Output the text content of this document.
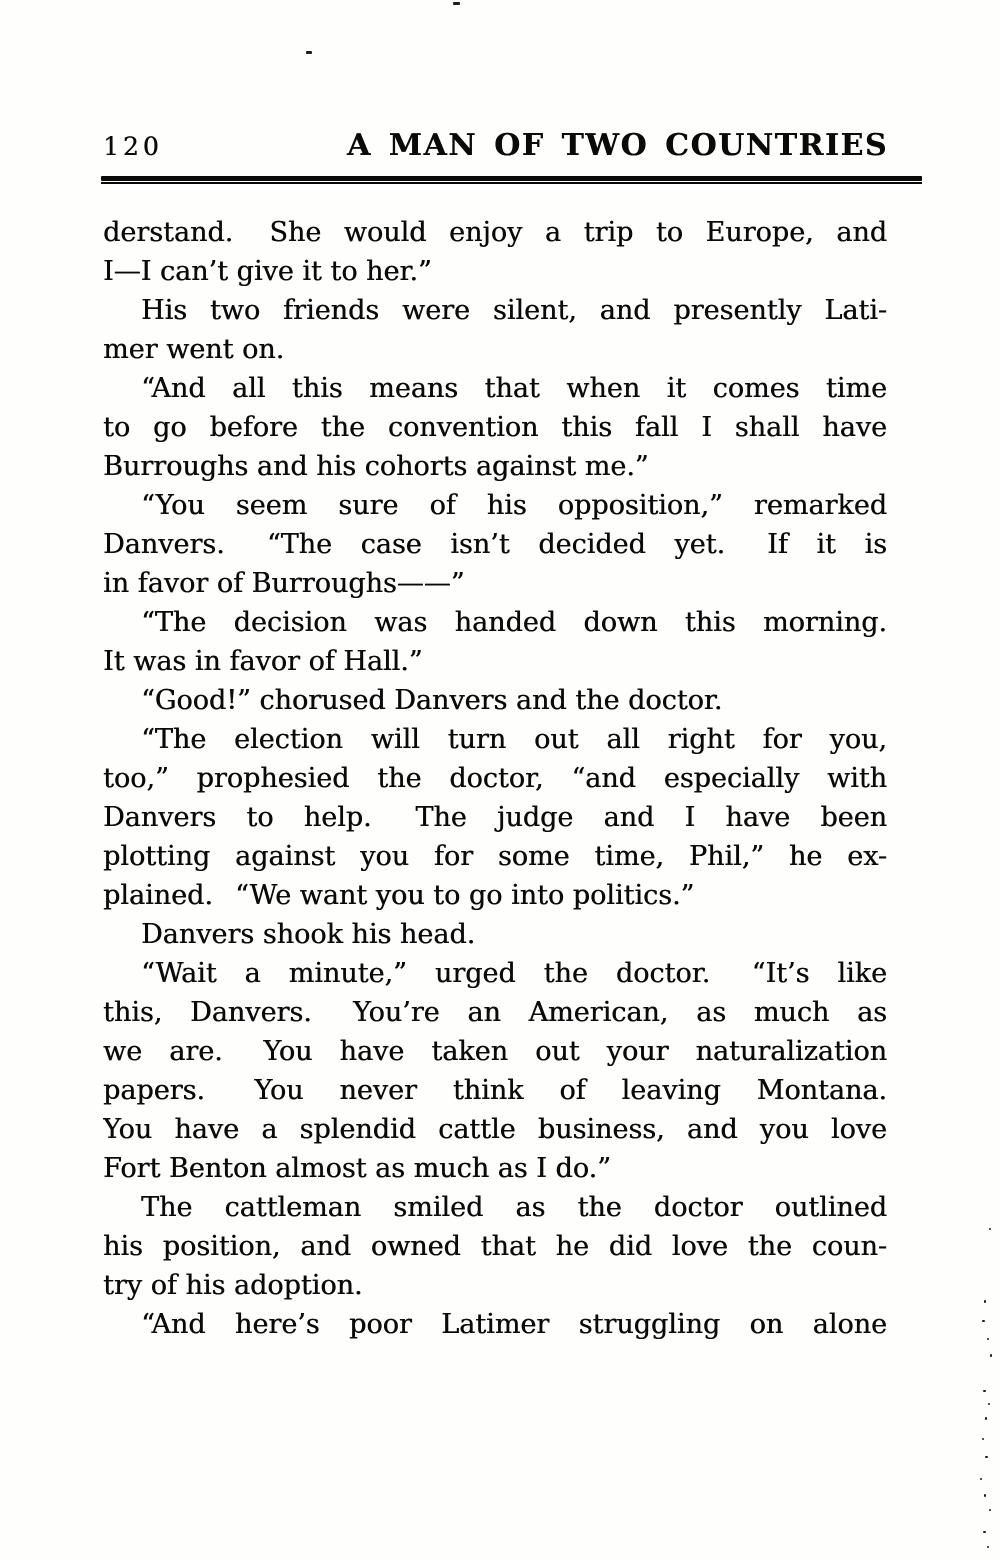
120	A MAN OF TWO COUNTRIES
derstand.  She would enjoy a trip to Europe, and
I—I can’t give it to her.”
His two friends were silent, and presently Lati-
mer went on.
“And all this means that when it comes time
to go before the convention this fall I shall have
Burroughs and his cohorts against me.”
“You seem sure of his opposition,” remarked
Danvers.  “The case isn’t decided yet.  If it is
in favor of Burroughs——”
“The decision was handed down this morning.
It was in favor of Hall.”
“Good!” chorused Danvers and the doctor.
“The election will turn out all right for you,
too,” prophesied the doctor, “and especially with
Danvers to help.  The judge and I have been
plotting against you for some time, Phil,” he ex-
plained.  “We want you to go into politics.”
Danvers shook his head.
“Wait a minute,” urged the doctor.  “It’s like
this, Danvers.  You’re an American, as much as
we are.  You have taken out your naturalization
papers.  You never think of leaving Montana.
You have a splendid cattle business, and you love
Fort Benton almost as much as I do.”
The cattleman smiled as the doctor outlined
his position, and owned that he did love the coun-
try of his adoption.
“And here’s poor Latimer struggling on alone
